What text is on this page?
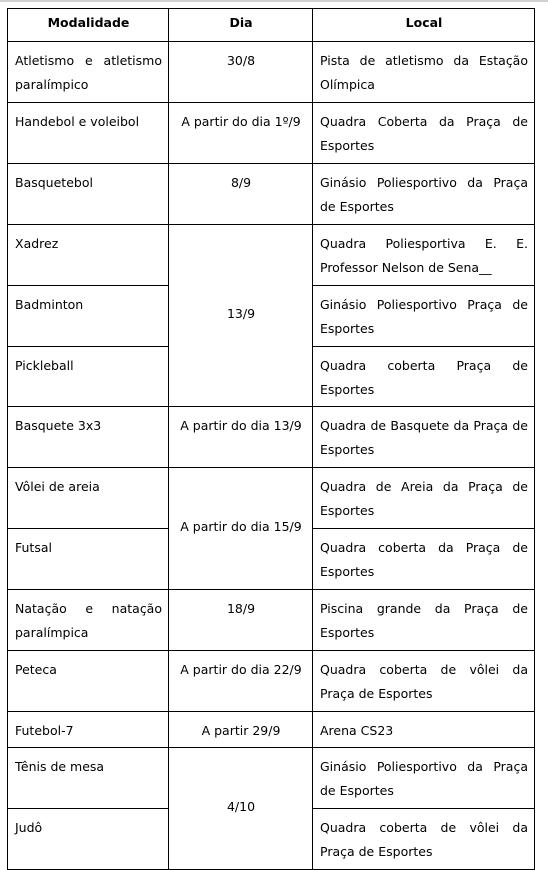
Modalidade	Dia	Local
Atletismo e atletismo paralímpico	30/8	Pista de atletismo da Estação Olímpica
Handebol e voleibol	A partir do dia 1º/9	Quadra Coberta da Praça de Esportes
Basquetebol	8/9	Ginásio Poliesportivo da Praça de Esportes
Xadrez	13/9	Quadra Poliesportiva E. E. Professor Nelson de Sena__
Badminton		Ginásio Poliesportivo Praça de Esportes
Pickleball		Quadra coberta Praça de Esportes
Basquete 3x3	A partir do dia 13/9	Quadra de Basquete da Praça de Esportes
Vôlei de areia	A partir do dia 15/9	Quadra de Areia da Praça de Esportes
Futsal		Quadra coberta da Praça de Esportes
Natação e natação paralímpica	18/9	Piscina grande da Praça de Esportes
Peteca	A partir do dia 22/9	Quadra coberta de vôlei da Praça de Esportes
Futebol-7	A partir 29/9	Arena CS23
Tênis de mesa	4/10	Ginásio Poliesportivo da Praça de Esportes
Judô		Quadra coberta de vôlei da Praça de Esportes
